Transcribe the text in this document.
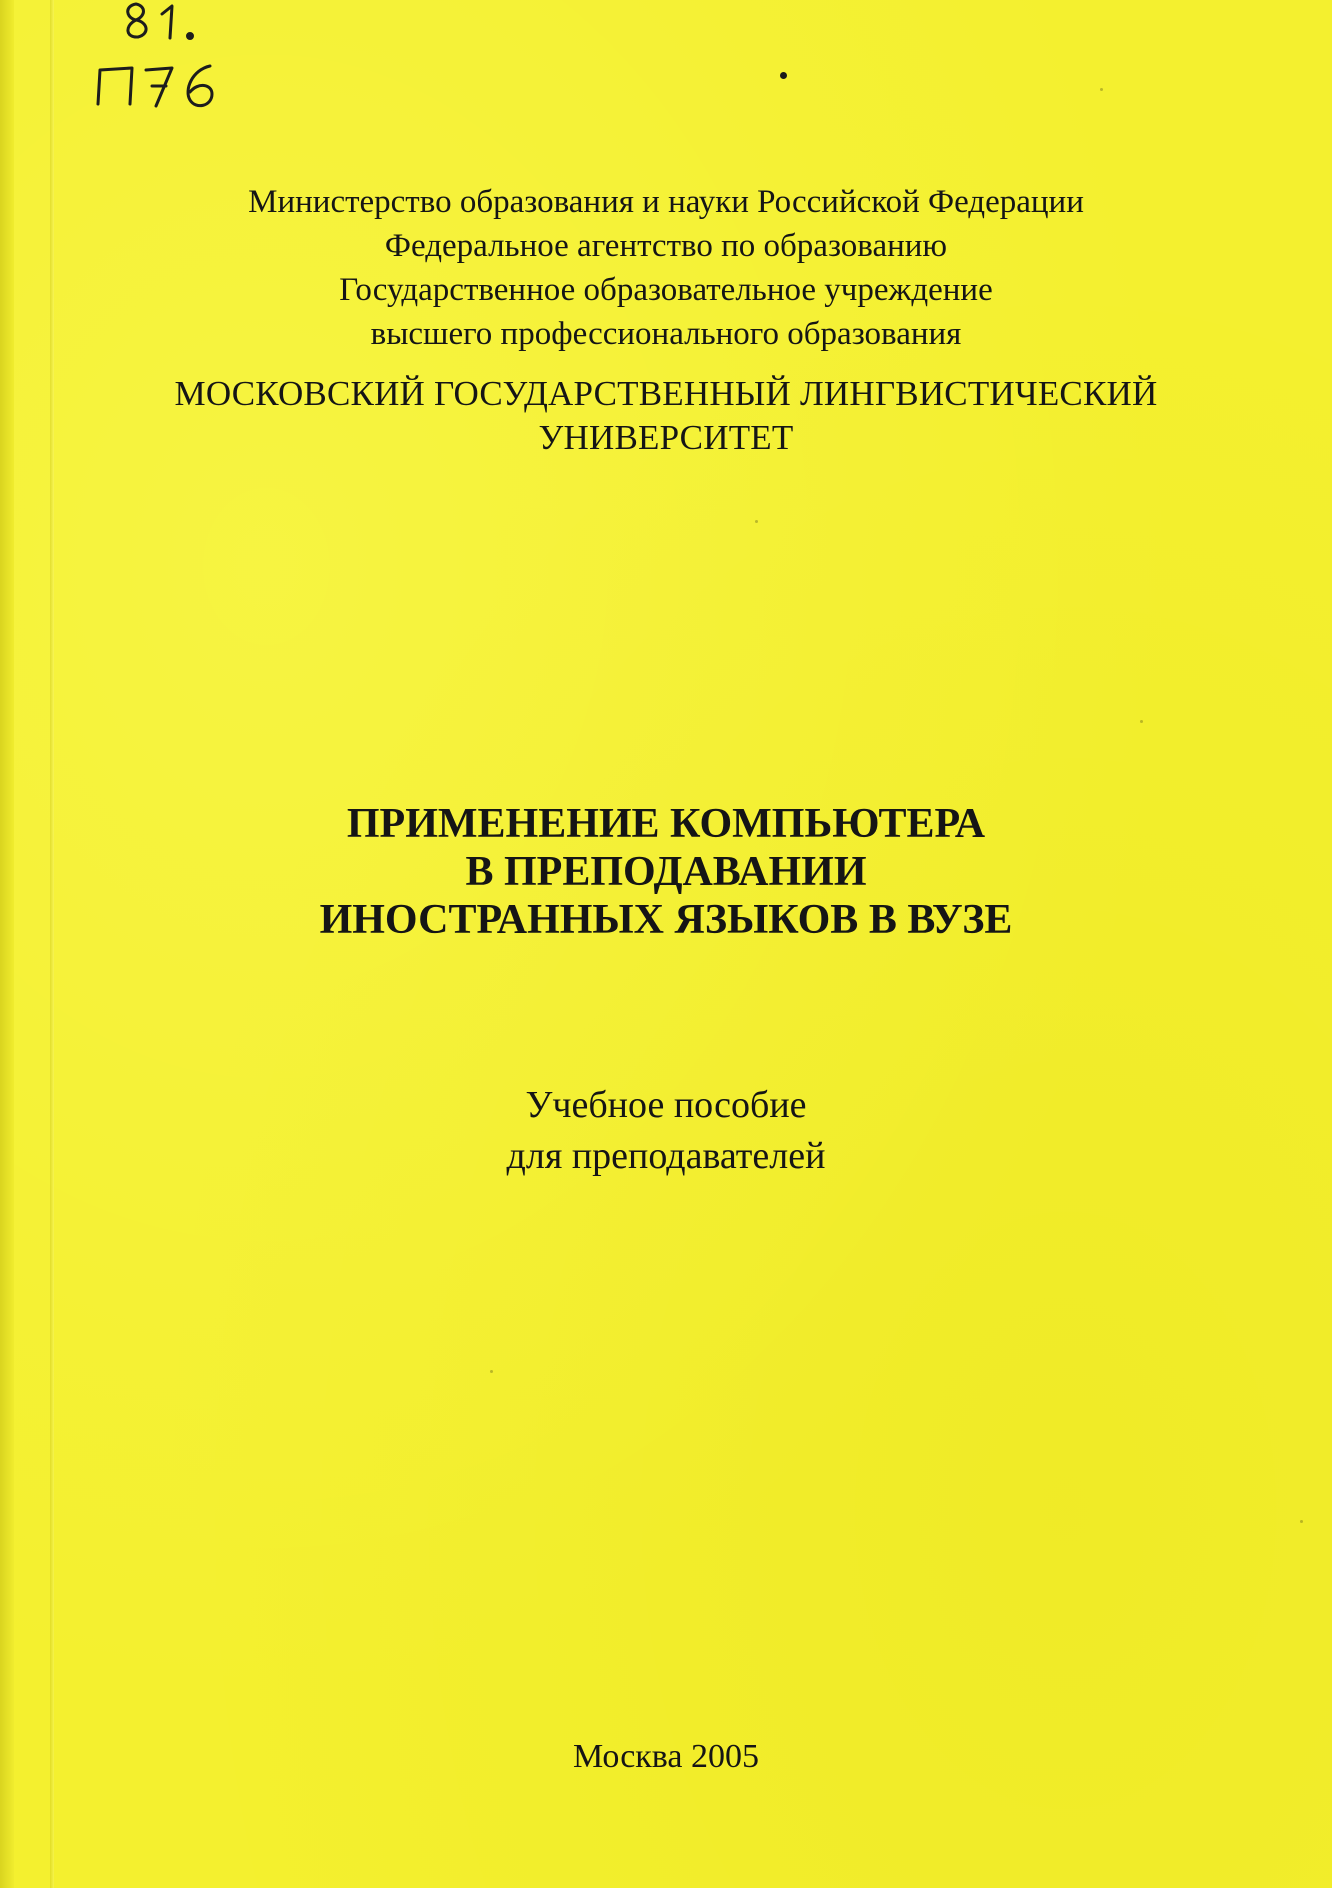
Министерство образования и науки Российской Федерации
Федеральное агентство по образованию
Государственное образовательное учреждение
высшего профессионального образования
МОСКОВСКИЙ ГОСУДАРСТВЕННЫЙ ЛИНГВИСТИЧЕСКИЙ
УНИВЕРСИТЕТ
ПРИМЕНЕНИЕ КОМПЬЮТЕРА
В ПРЕПОДАВАНИИ
ИНОСТРАННЫХ ЯЗЫКОВ В ВУЗЕ
Учебное пособие
для преподавателей
Москва 2005
